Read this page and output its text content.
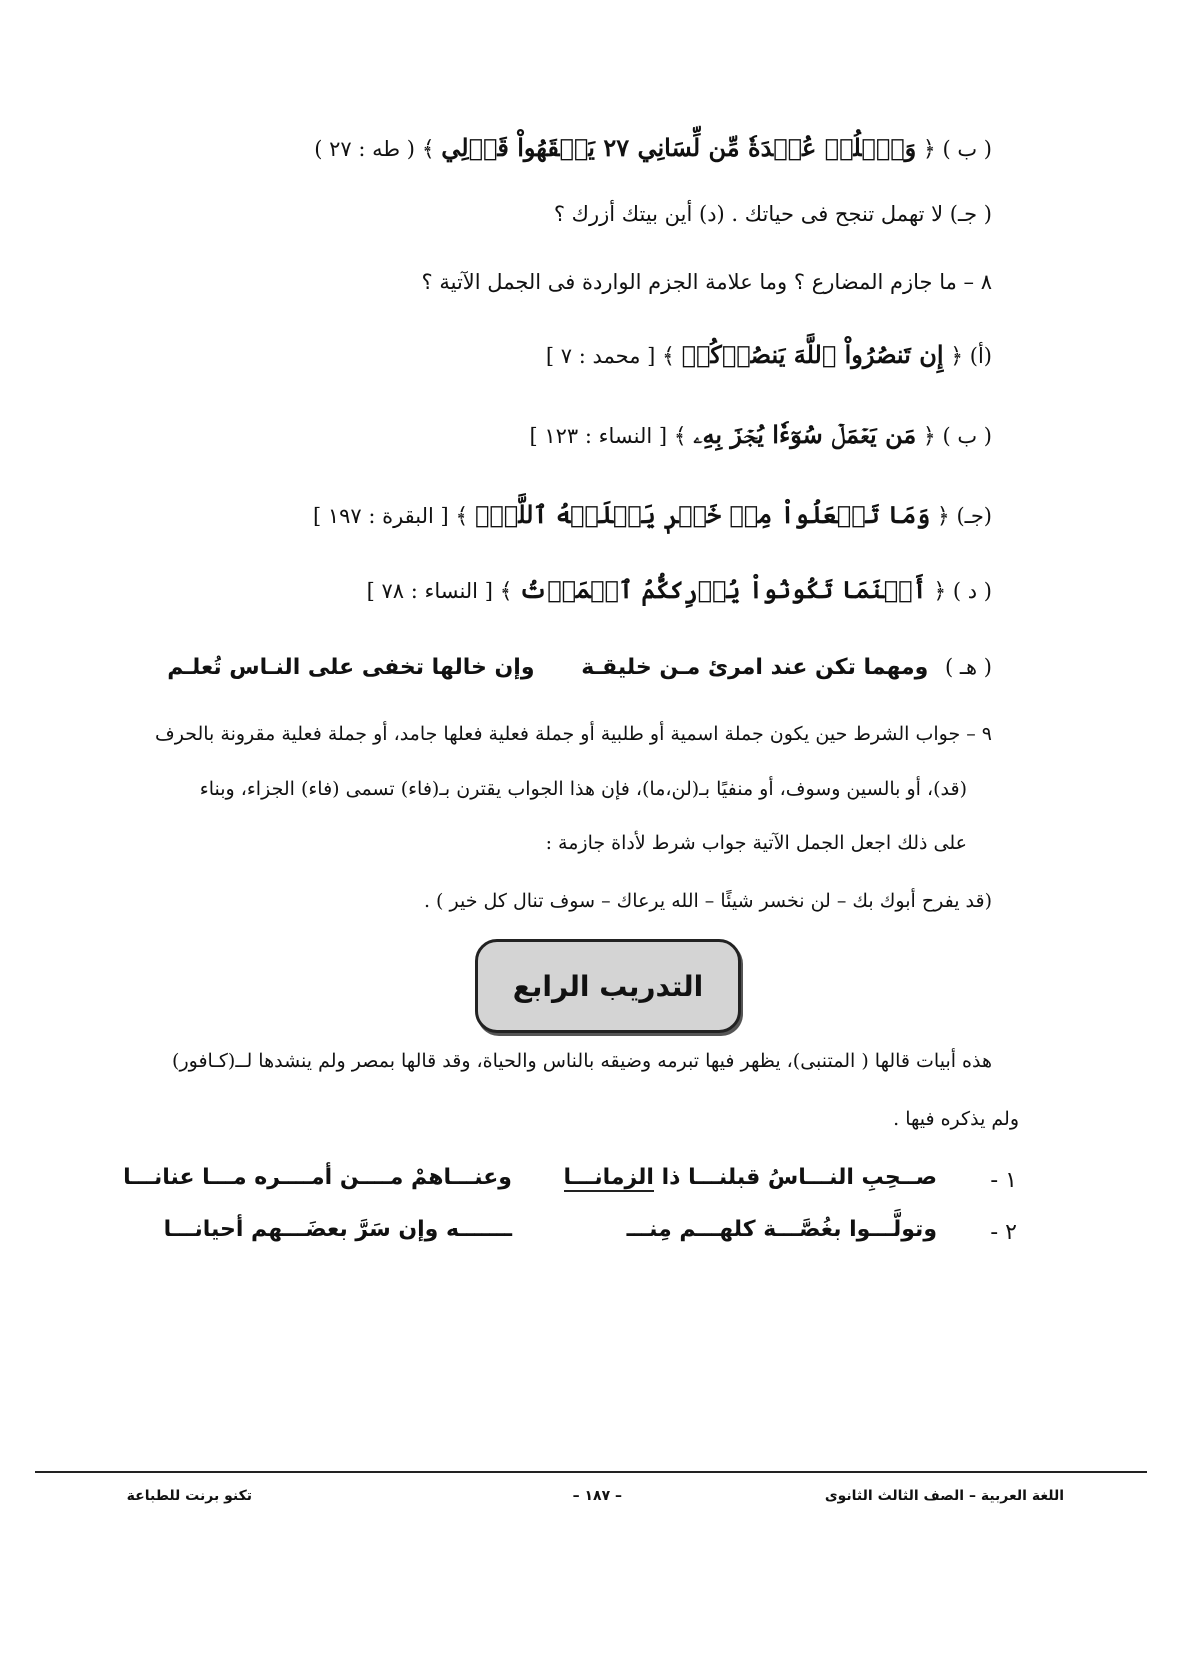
( ب ) ﴿ وَٱحۡلُلۡ عُقۡدَةٗ مِّن لِّسَانِي ٢٧ يَفۡقَهُواْ قَوۡلِي ﴾ ( طه : ٢٧ )
( جـ) لا تهمل تنجح فى حياتك . (د) أين بيتك أزرك ؟
٨ – ما جازم المضارع ؟ وما علامة الجزم الواردة فى الجمل الآتية ؟
(أ) ﴿ إِن تَنصُرُواْ ٱللَّهَ يَنصُرۡكُمۡ ﴾ [ محمد : ٧ ]
( ب ) ﴿ مَن يَعۡمَلۡ سُوٓءٗا يُجۡزَ بِهِۦ ﴾ [ النساء : ١٢٣ ]
(جـ) ﴿ وَمَا تَفۡعَلُواْ مِنۡ خَيۡرٖ يَعۡلَمۡهُ ٱللَّهُۗ ﴾ [ البقرة : ١٩٧ ]
( د ) ﴿ أَيۡنَمَا تَكُونُواْ يُدۡرِككُّمُ ٱلۡمَوۡتُ ﴾ [ النساء : ٧٨ ]
( هـ ) ومهما تكن عند امرئ مـن خليقـة وإن خالها تخفى على النـاس تُعلـم
٩ – جواب الشرط حين يكون جملة اسمية أو طلبية أو جملة فعلية فعلها جامد، أو جملة فعلية مقرونة بالحرف
(قد)، أو بالسين وسوف، أو منفيًا بـ(لن،ما)، فإن هذا الجواب يقترن بـ(فاء) تسمى (فاء) الجزاء، وبناء
على ذلك اجعل الجمل الآتية جواب شرط لأداة جازمة :
(قد يفرح أبوك بك – لن نخسر شيئًا – الله يرعاك – سوف تنال كل خير ) .
التدريب الرابع
هذه أبيات قالها ( المتنبى)، يظهر فيها تبرمه وضيقه بالناس والحياة، وقد قالها بمصر ولم ينشدها لــ(كـافور)
ولم يذكره فيها .
١ -
صــحِبِ النـــاسُ قبلنـــا ذا الزمانـــا
وعنـــاهمْ مــــن أمــــره مـــا عنانـــا
٢ -
وتولَّـــوا بغُصَّـــة كلهـــم مِنـــ
ـــــــه وإن سَرَّ بعضَـــهم أحيانـــا
اللغة العربية – الصف الثالث الثانوى
– ١٨٧ –
تكنو برنت للطباعة
